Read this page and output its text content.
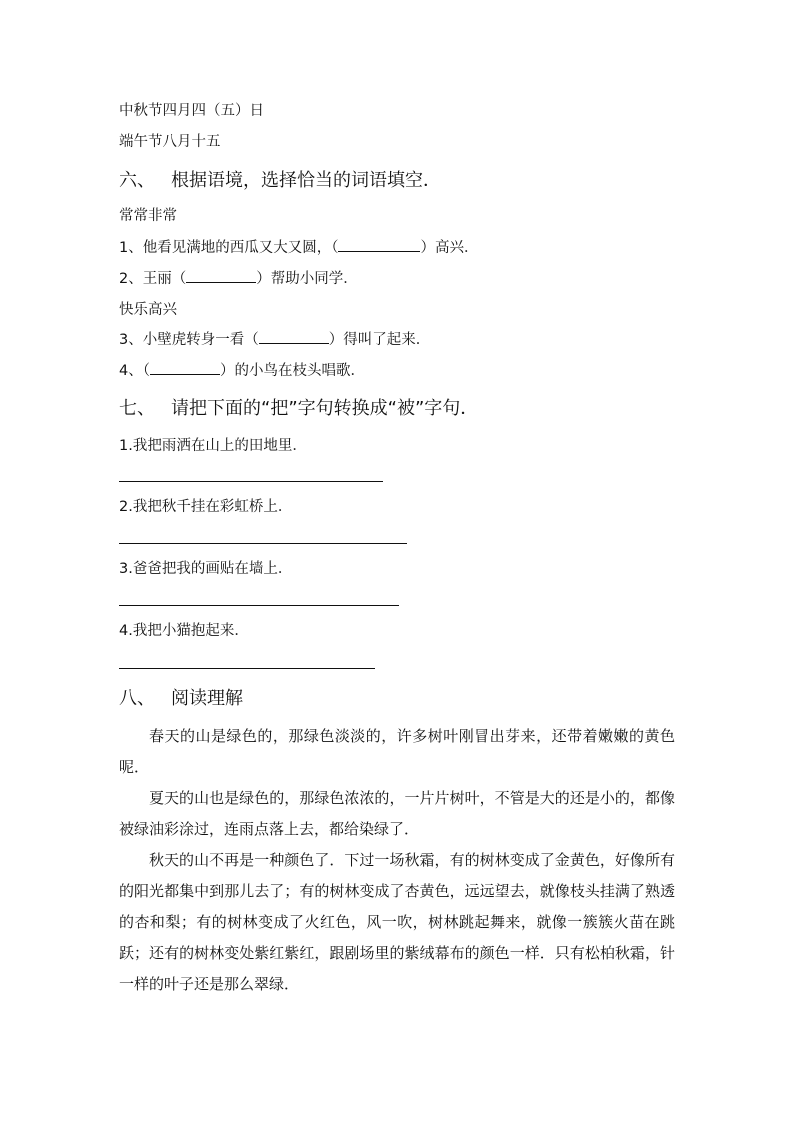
中秋节四月四（五）日
端午节八月十五
六、 根据语境，选择恰当的词语填空．
常常非常
1、他看见满地的西瓜又大又圆，（	）高兴．
2、王丽（	）帮助小同学．
快乐高兴
3、小壁虎转身一看（	）得叫了起来．
4、（	）的小鸟在枝头唱歌．
七、 请把下面的“把”字句转换成“被”字句．
1.我把雨洒在山上的田地里．
2.我把秋千挂在彩虹桥上．
3.爸爸把我的画贴在墙上．
4.我把小猫抱起来．
八、 阅读理解
春天的山是绿色的，那绿色淡淡的，许多树叶刚冒出芽来，还带着嫩嫩的黄色呢．
夏天的山也是绿色的，那绿色浓浓的，一片片树叶，不管是大的还是小的，都像被绿油彩涂过，连雨点落上去，都给染绿了．
秋天的山不再是一种颜色了．下过一场秋霜，有的树林变成了金黄色，好像所有的阳光都集中到那儿去了；有的树林变成了杏黄色，远远望去，就像枝头挂满了熟透的杏和梨；有的树林变成了火红色，风一吹，树林跳起舞来，就像一簇簇火苗在跳跃；还有的树林变处紫红紫红，跟剧场里的紫绒幕布的颜色一样．只有松柏秋霜，针一样的叶子还是那么翠绿．
